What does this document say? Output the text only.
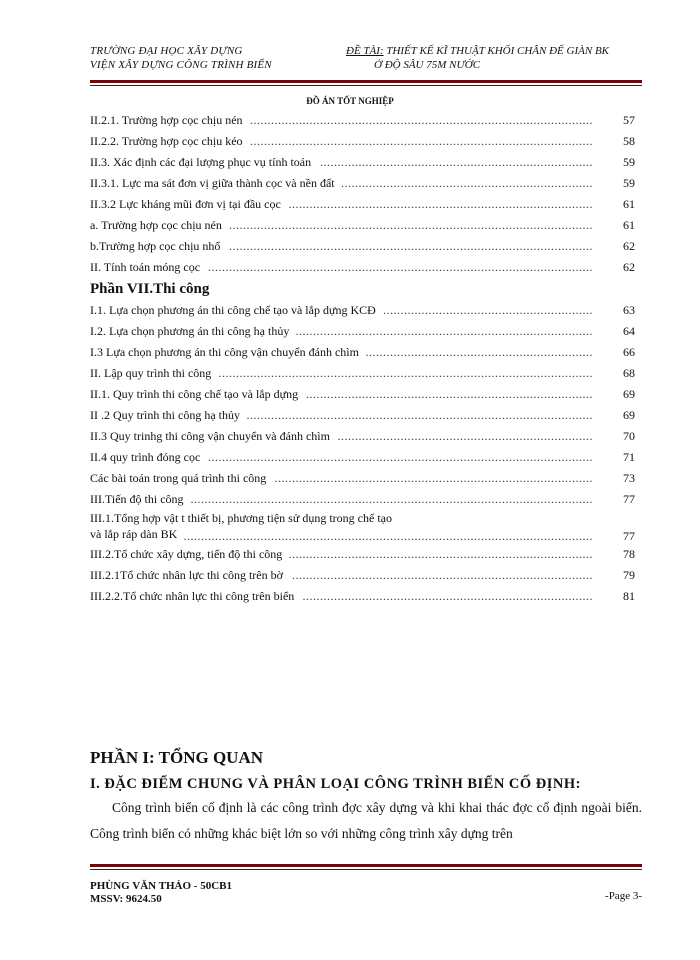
TRƯỜNG ĐẠI HỌC XÂY DỰNG
VIỆN XÂY DỰNG CÔNG TRÌNH BIỂN
ĐỀ TÀI: THIẾT KẾ KĨ THUẬT KHỐI CHÂN ĐẾ GIÀN BK
Ở ĐỘ SÂU 75M NƯỚC
ĐỒ ÁN TỐT NGHIỆP
II.2.1. Trường hợp cọc chịu nén ..................................................................................................	57
II.2.2. Trường hợp cọc chịu kéo ..................................................................................................	58
II.3. Xác định các đại lượng phục vụ tính toán ..............................................................................	59
II.3.1. Lực ma sát đơn vị giữa thành cọc và nền đất ........................................................................	59
II.3.2 Lực kháng mũi đơn vị tại đầu cọc .......................................................................................	61
a. Trường hợp cọc chịu nén ........................................................................................................	61
b.Trường hợp cọc chịu nhổ ........................................................................................................	62
II. Tính toán móng cọc ..............................................................................................................	62
Phần VII.Thi công
I.1. Lựa chọn phương án thi công chế tạo và lắp dựng KCĐ ............................................................	63
I.2. Lựa chọn phương án thi công hạ thủy .....................................................................................	64
I.3 Lựa chọn phương án thi công vận chuyển đánh chìm .................................................................	66
II. Lập quy trình thi công ...........................................................................................................	68
II.1. Quy trình thi công chế tạo và lắp dựng ..................................................................................	69
II .2 Quy trình thi công hạ thủy ...................................................................................................	69
II.3 Quy trinhg thi công vận chuyển và đánh chìm .........................................................................	70
II.4 quy trình đóng cọc ..............................................................................................................	71
Các bài toán trong quá trình thi công ...........................................................................................	73
III.Tiến độ thi công ...................................................................................................................	77
III.1.Tổng hợp vật t thiết bị, phương tiện sử dụng trong chế tạo
và lắp ráp dàn BK .....................................................................................................................	77
III.2.Tổ chức xây dựng, tiến độ thi công .......................................................................................	78
III.2.1Tổ chức nhân lực thi công trên bờ ......................................................................................	79
III.2.2.Tổ chức nhân lực thi công trên biển ...................................................................................	81
PHẦN I: TỔNG QUAN
I. ĐẶC ĐIỂM CHUNG VÀ PHÂN LOẠI CÔNG TRÌNH BIỂN CỐ ĐỊNH:
Công trình biển cố định là các công trình đợc xây dựng và khi khai thác đợc cố định ngoài biển. Công trình biển có những khác biệt lớn so với những công trình xây dựng trên
PHÙNG VĂN THẢO - 50CB1
MSSV: 9624.50	-Page 3-
